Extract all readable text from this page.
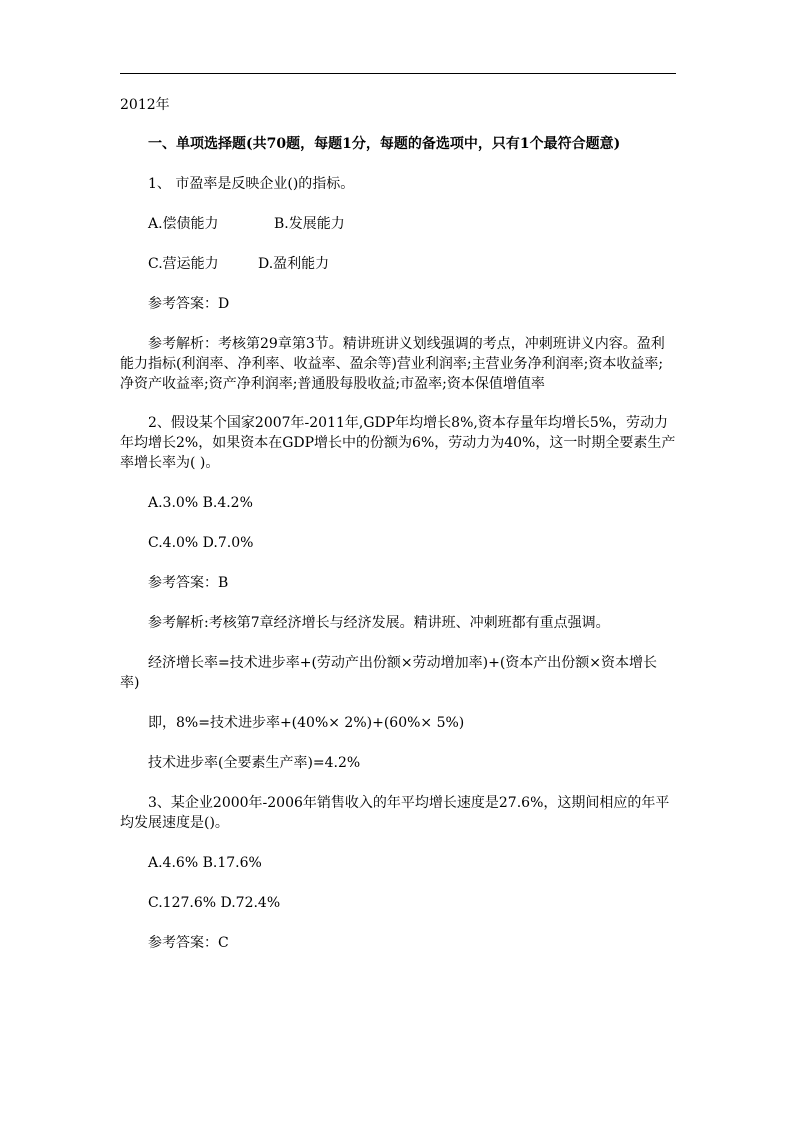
2012年

一、单项选择题(共70题，每题1分，每题的备选项中，只有1个最符合题意)

1、 市盈率是反映企业()的指标。

A.偿债能力	B.发展能力

C.营运能力	D.盈利能力

参考答案：D

参考解析：考核第29章第3节。精讲班讲义划线强调的考点，冲刺班讲义内容。盈利能力指标(利润率、净利率、收益率、盈余等)营业利润率;主营业务净利润率;资本收益率;净资产收益率;资产净利润率;普通股每股收益;市盈率;资本保值增值率

2、假设某个国家2007年-2011年,GDP年均增长8%,资本存量年均增长5%，劳动力年均增长2%，如果资本在GDP增长中的份额为6%，劳动力为40%，这一时期全要素生产率增长率为( )。

A.3.0% B.4.2%

C.4.0% D.7.0%

参考答案：B

参考解析:考核第7章经济增长与经济发展。精讲班、冲刺班都有重点强调。

经济增长率=技术进步率+(劳动产出份额×劳动增加率)+(资本产出份额×资本增长率)

即，8%=技术进步率+(40%× 2%)+(60%× 5%)

技术进步率(全要素生产率)=4.2%

3、某企业2000年-2006年销售收入的年平均增长速度是27.6%，这期间相应的年平均发展速度是()。

A.4.6% B.17.6%

C.127.6% D.72.4%

参考答案：C
